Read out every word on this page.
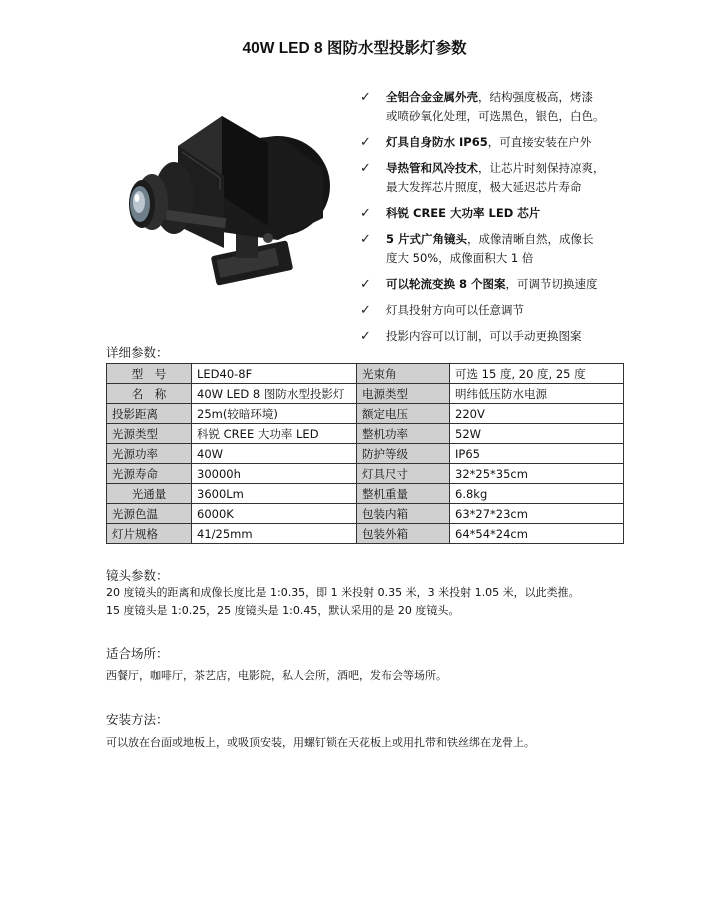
40W LED 8 图防水型投影灯参数
✓	全铝合金金属外壳，结构强度极高，烤漆
或喷砂氧化处理，可选黑色，银色，白色。
✓	灯具自身防水 IP65，可直接安装在户外
✓	导热管和风冷技术，让芯片时刻保持凉爽，
最大发挥芯片照度，极大延迟芯片寿命
✓	科锐 CREE 大功率 LED 芯片
✓	5 片式广角镜头，成像清晰自然，成像长
度大 50%，成像面积大 1 倍
✓	可以轮流变换 8 个图案，可调节切换速度
✓	灯具投射方向可以任意调节
✓	投影内容可以订制，可以手动更换图案
详细参数：
型　号	LED40-8F	光束角	可选 15 度, 20 度, 25 度
名　称	40W LED 8 图防水型投影灯	电源类型	明纬低压防水电源
投影距离	25m(较暗环境)	额定电压	220V
光源类型	科锐 CREE 大功率 LED	整机功率	52W
光源功率	40W	防护等级	IP65
光源寿命	30000h	灯具尺寸	32*25*35cm
光通量	3600Lm	整机重量	6.8kg
光源色温	6000K	包装内箱	63*27*23cm
灯片规格	41/25mm	包装外箱	64*54*24cm
镜头参数：
20 度镜头的距离和成像长度比是 1:0.35，即 1 米投射 0.35 米，3 米投射 1.05 米，以此类推。
15 度镜头是 1:0.25，25 度镜头是 1:0.45，默认采用的是 20 度镜头。
适合场所：
西餐厅，咖啡厅，茶艺店，电影院，私人会所，酒吧，发布会等场所。
安装方法：
可以放在台面或地板上，或吸顶安装，用螺钉锁在天花板上或用扎带和铁丝绑在龙骨上。
